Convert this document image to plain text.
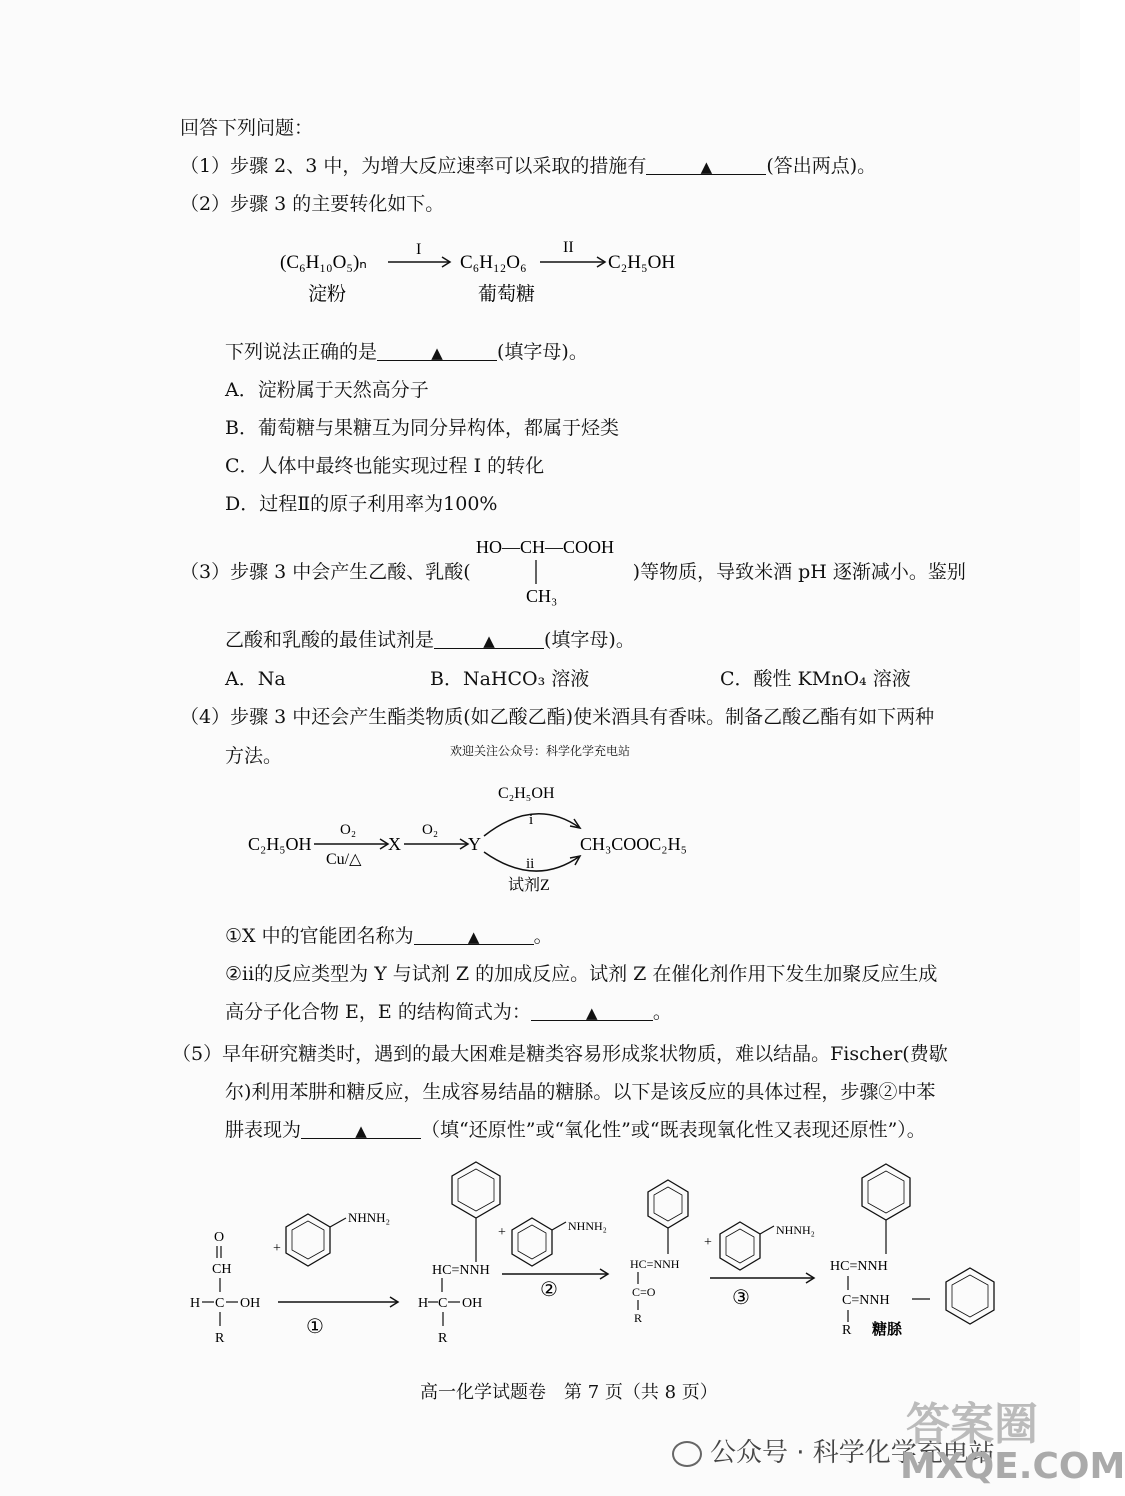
回答下列问题：
（1）步骤 2、3 中，为增大反应速率可以采取的措施有	▲	(答出两点)。
（2）步骤 3 的主要转化如下。
(C₆H₁₀O₅)ₙ
淀粉
I
C₆H₁₂O₆
葡萄糖
II
C₂H₅OH
下列说法正确的是	▲	(填字母)。
A．淀粉属于天然高分子
B．葡萄糖与果糖互为同分异构体，都属于烃类
C．人体中最终也能实现过程 I 的转化
D．过程Ⅱ的原子利用率为100%
（3）步骤 3 中会产生乙酸、乳酸(	)等物质，导致米酒 pH 逐渐减小。鉴别
HO—CH—COOH
CH₃
乙酸和乳酸的最佳试剂是	▲	(填字母)。
A．Na	B．NaHCO₃ 溶液	C．酸性 KMnO₄ 溶液
（4）步骤 3 中还会产生酯类物质(如乙酸乙酯)使米酒具有香味。制备乙酸乙酯有如下两种
方法。	欢迎关注公众号：科学化学充电站
C₂H₅OH
O₂
Cu/△
X
O₂
Y
C₂H₅OH
i
ii
试剂Z
CH₃COOC₂H₅
①X 中的官能团名称为	▲	。
②ii的反应类型为 Y 与试剂 Z 的加成反应。试剂 Z 在催化剂作用下发生加聚反应生成
高分子化合物 E，E 的结构简式为：	▲	。
（5）早年研究糖类时，遇到的最大困难是糖类容易形成浆状物质，难以结晶。Fischer(费歇
尔)利用苯肼和糖反应，生成容易结晶的糖脎。以下是该反应的具体过程，步骤②中苯
肼表现为	▲	（填“还原性”或“氧化性”或“既表现氧化性又表现还原性”）。
O
CH
H C OH
R
+
NHNH₂
①
HC=NNH
H C OH
R
+	NHNH₂
②
HC=NNH
C=O
R
+
NHNH₂
③
HC=NNH
C=NNH
R 糖脎
高一化学试题卷　第 7 页（共 8 页）
公众号 · 科学化学充电站
答案圈
MXQE.COM
